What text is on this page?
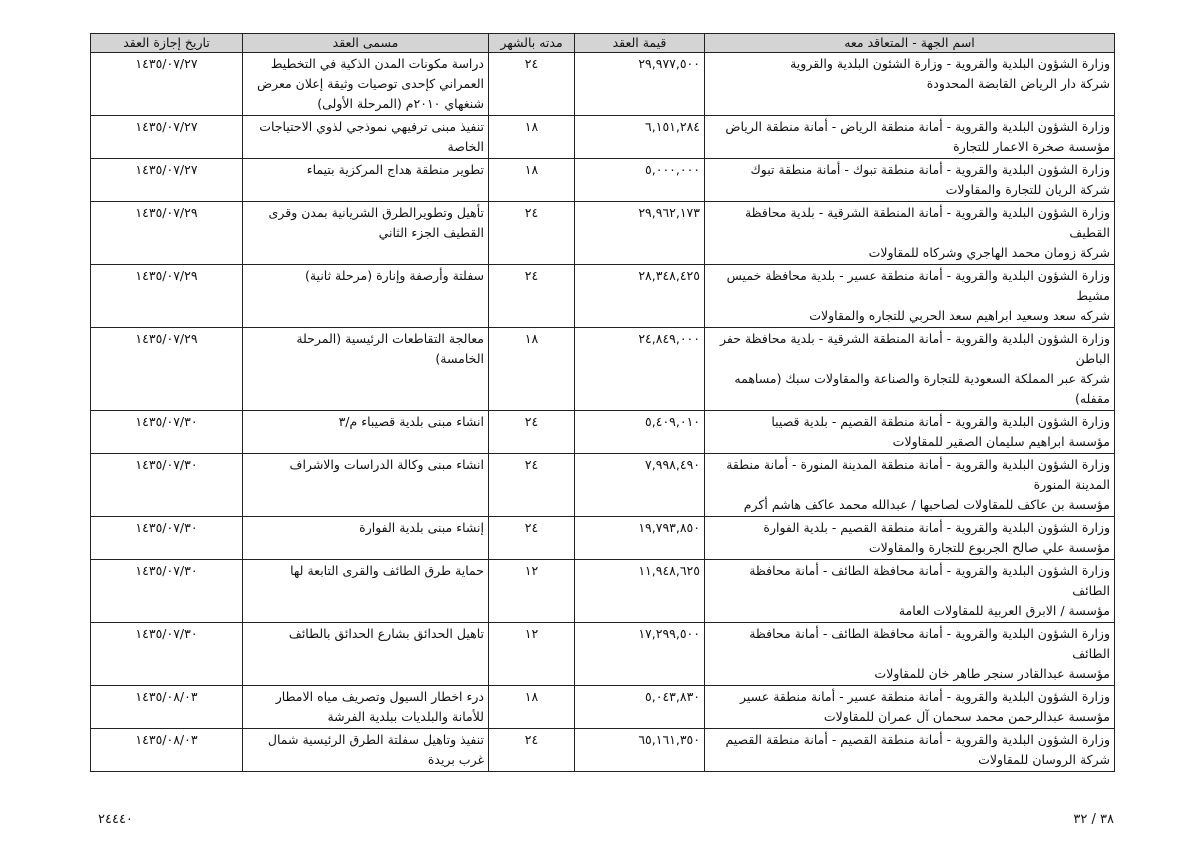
اسم الجهة - المتعاقد معه	قيمة العقد	مدته بالشهر	مسمى العقد	تاريخ إجازة العقد

وزارة الشؤون البلدية والقروية - وزارة الشئون البلدية والقروية
شركة دار الرياض القابضة المحدودة	٢٩,٩٧٧,٥٠٠	٢٤	دراسة مكونات المدن الذكية في التخطيط العمراني كإحدى توصيات وثيقة إعلان معرض شنغهاي ٢٠١٠م (المرحلة الأولى)	١٤٣٥/٠٧/٢٧

وزارة الشؤون البلدية والقروية - أمانة منطقة الرياض - أمانة منطقة الرياض
مؤسسة صخرة الاعمار للتجارة	٦,١٥١,٢٨٤	١٨	تنفيذ مبنى ترفيهي نموذجي لذوي الاحتياجات الخاصة	١٤٣٥/٠٧/٢٧

وزارة الشؤون البلدية والقروية - أمانة منطقة تبوك - أمانة منطقة تبوك
شركة الريان للتجارة والمقاولات	٥,٠٠٠,٠٠٠	١٨	تطوير منطقة هداج المركزية بتيماء	١٤٣٥/٠٧/٢٧

وزارة الشؤون البلدية والقروية - أمانة المنطقة الشرقية - بلدية محافظة القطيف
شركة زومان محمد الهاجري وشركاه للمقاولات	٢٩,٩٦٢,١٧٣	٢٤	تأهيل وتطويرالطرق الشريانية بمدن وقرى القطيف الجزء الثاني	١٤٣٥/٠٧/٢٩

وزارة الشؤون البلدية والقروية - أمانة منطقة عسير - بلدية محافظة خميس مشيط
شركه سعد وسعيد ابراهيم سعد الحربي للتجاره والمقاولات	٢٨,٣٤٨,٤٢٥	٢٤	سفلتة وأرصفة وإنارة (مرحلة ثانية)	١٤٣٥/٠٧/٢٩

وزارة الشؤون البلدية والقروية - أمانة المنطقة الشرقية - بلدية محافظة حفر الباطن
شركة عبر المملكة السعودية للتجارة والصناعة والمقاولات سبك (مساهمه مقفله)	٢٤,٨٤٩,٠٠٠	١٨	معالجة التقاطعات الرئيسية (المرحلة الخامسة)	١٤٣٥/٠٧/٢٩

وزارة الشؤون البلدية والقروية - أمانة منطقة القصيم - بلدية قصيبا
مؤسسة ابراهيم سليمان الصقير للمقاولات	٥,٤٠٩,٠١٠	٢٤	انشاء مبنى بلدية قصيباء م/٣	١٤٣٥/٠٧/٣٠

وزارة الشؤون البلدية والقروية - أمانة منطقة المدينة المنورة - أمانة منطقة المدينة المنورة
مؤسسة بن عاكف للمقاولات لصاحبها / عبدالله محمد عاكف هاشم أكرم	٧,٩٩٨,٤٩٠	٢٤	انشاء مبنى وكالة الدراسات والاشراف	١٤٣٥/٠٧/٣٠

وزارة الشؤون البلدية والقروية - أمانة منطقة القصيم - بلدية الفوارة
مؤسسة علي صالح الجربوع للتجارة والمقاولات	١٩,٧٩٣,٨٥٠	٢٤	إنشاء مبنى بلدية الفوارة	١٤٣٥/٠٧/٣٠

وزارة الشؤون البلدية والقروية - أمانة محافظة الطائف - أمانة محافظة الطائف
مؤسسة / الابرق العربية للمقاولات العامة	١١,٩٤٨,٦٢٥	١٢	حماية طرق الطائف والقرى التابعة لها	١٤٣٥/٠٧/٣٠

وزارة الشؤون البلدية والقروية - أمانة محافظة الطائف - أمانة محافظة الطائف
مؤسسة عبدالقادر سنجر طاهر خان للمقاولات	١٧,٢٩٩,٥٠٠	١٢	تاهيل الحدائق بشارع الحدائق بالطائف	١٤٣٥/٠٧/٣٠

وزارة الشؤون البلدية والقروية - أمانة منطقة عسير - أمانة منطقة عسير
مؤسسة عبدالرحمن محمد سحمان آل عمران للمقاولات	٥,٠٤٣,٨٣٠	١٨	درء اخطار السيول وتصريف مياه الامطار للأمانة والبلديات ببلدية الفرشة	١٤٣٥/٠٨/٠٣

وزارة الشؤون البلدية والقروية - أمانة منطقة القصيم - أمانة منطقة القصيم
شركة الروسان للمقاولات	٦٥,١٦١,٣٥٠	٢٤	تنفيذ وتاهيل سفلتة الطرق الرئيسية شمال غرب بريدة	١٤٣٥/٠٨/٠٣
٢٤٤٤٠	٣٨ / ٣٢
